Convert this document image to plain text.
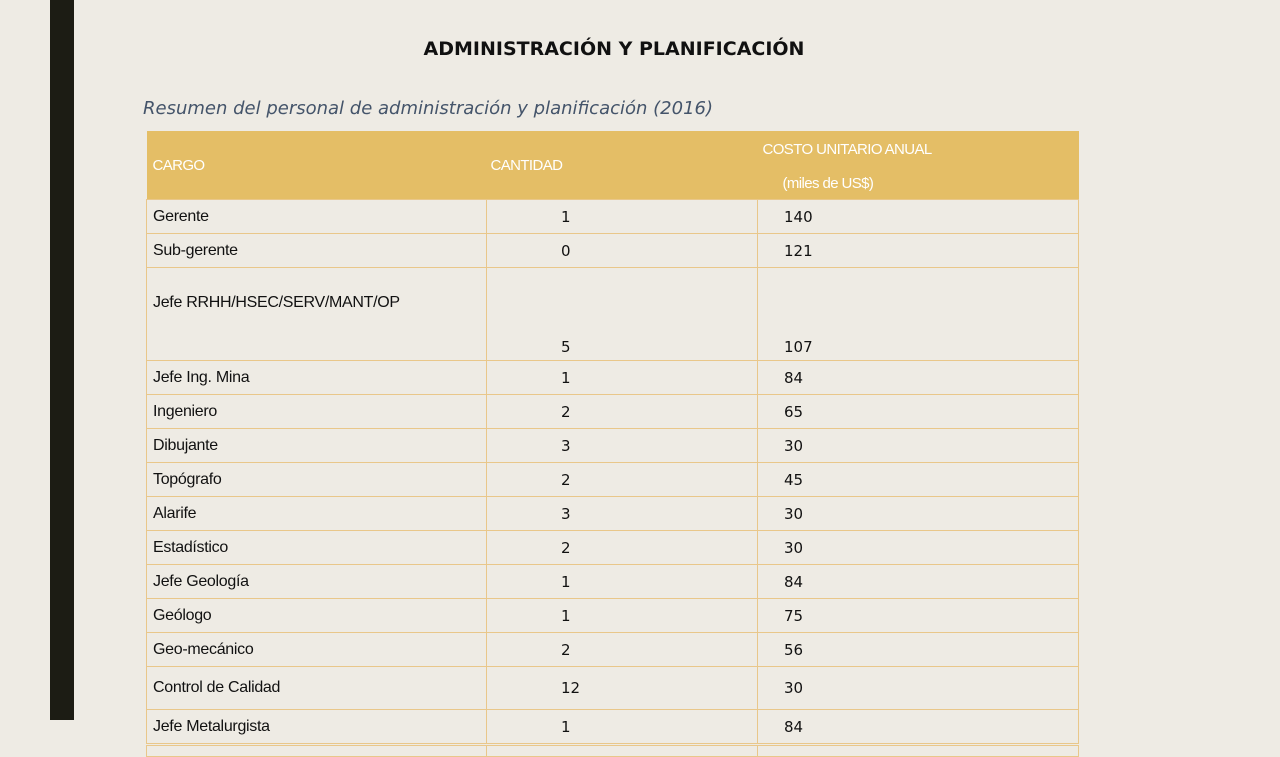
ADMINISTRACIÓN Y PLANIFICACIÓN
Resumen del personal de administración y planificación (2016)
CARGO	CANTIDAD	COSTO UNITARIO ANUAL
(miles de US$)

Gerente	1	140
Sub-gerente	0	121
Jefe RRHH/HSEC/SERV/MANT/OP	5	107
Jefe Ing. Mina	1	84
Ingeniero	2	65
Dibujante	3	30
Topógrafo	2	45
Alarife	3	30
Estadístico	2	30
Jefe Geología	1	84
Geólogo	1	75
Geo-mecánico	2	56
Control de Calidad	12	30
Jefe Metalurgista	1	84
